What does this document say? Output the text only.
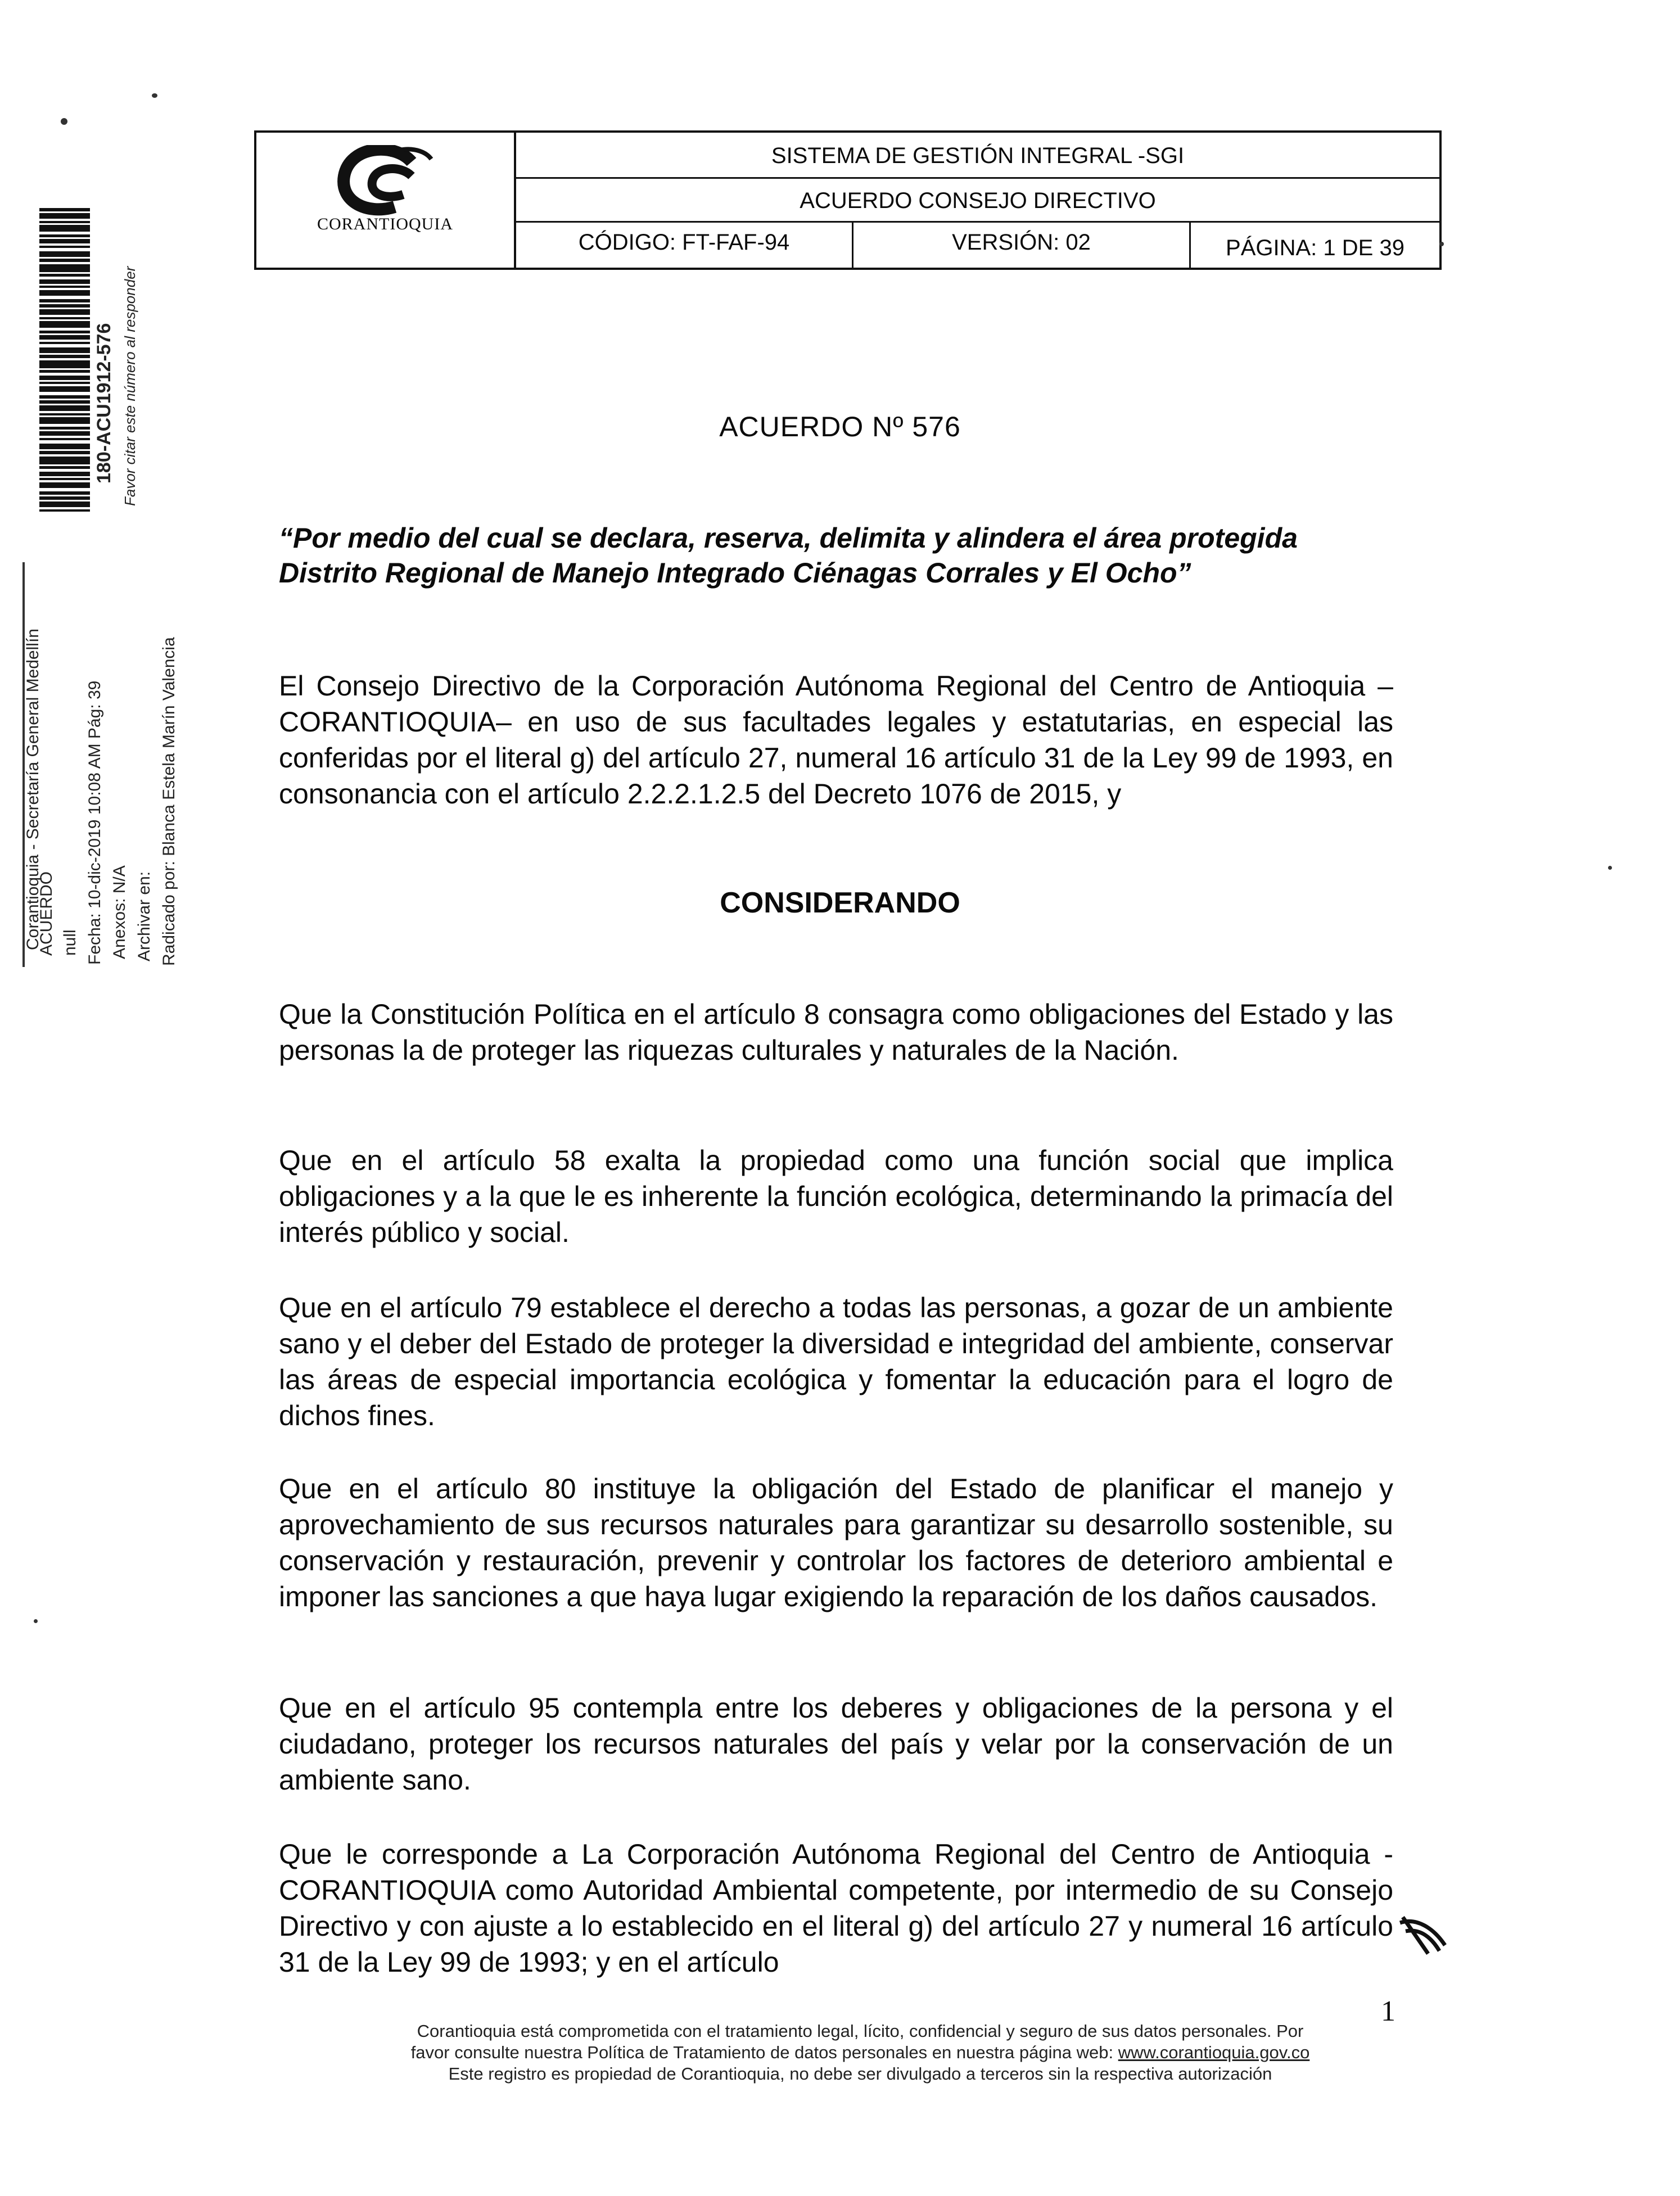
180-ACU1912-576 Favor citar este número al responder
Corantioquia - Secretaría General Medellín
ACUERDO null Fecha: 10-dic-2019 10:08 AM Pág: 39 Anexos: N/A Archivar en: Radicado por: Blanca Estela Marín Valencia
CORANTIOQUIA
SISTEMA DE GESTIÓN INTEGRAL -SGI
ACUERDO CONSEJO DIRECTIVO
CÓDIGO: FT-FAF-94	VERSIÓN: 02	PÁGINA: 1 DE 39
ACUERDO Nº 576
“Por medio del cual se declara, reserva, delimita y alindera el área protegida Distrito Regional de Manejo Integrado Ciénagas Corrales y El Ocho”
El Consejo Directivo de la Corporación Autónoma Regional del Centro de Antioquia –CORANTIOQUIA– en uso de sus facultades legales y estatutarias, en especial las conferidas por el literal g) del artículo 27, numeral 16 artículo 31 de la Ley 99 de 1993, en consonancia con el artículo 2.2.2.1.2.5 del Decreto 1076 de 2015, y
CONSIDERANDO
Que la Constitución Política en el artículo 8 consagra como obligaciones del Estado y las personas la de proteger las riquezas culturales y naturales de la Nación.
Que en el artículo 58 exalta la propiedad como una función social que implica obligaciones y a la que le es inherente la función ecológica, determinando la primacía del interés público y social.
Que en el artículo 79 establece el derecho a todas las personas, a gozar de un ambiente sano y el deber del Estado de proteger la diversidad e integridad del ambiente, conservar las áreas de especial importancia ecológica y fomentar la educación para el logro de dichos fines.
Que en el artículo 80 instituye la obligación del Estado de planificar el manejo y aprovechamiento de sus recursos naturales para garantizar su desarrollo sostenible, su conservación y restauración, prevenir y controlar los factores de deterioro ambiental e imponer las sanciones a que haya lugar exigiendo la reparación de los daños causados.
Que en el artículo 95 contempla entre los deberes y obligaciones de la persona y el ciudadano, proteger los recursos naturales del país y velar por la conservación de un ambiente sano.
Que le corresponde a La Corporación Autónoma Regional del Centro de Antioquia - CORANTIOQUIA como Autoridad Ambiental competente, por intermedio de su Consejo Directivo y con ajuste a lo establecido en el literal g) del artículo 27 y numeral 16 artículo 31 de la Ley 99 de 1993; y en el artículo
1
Corantioquia está comprometida con el tratamiento legal, lícito, confidencial y seguro de sus datos personales. Por
favor consulte nuestra Política de Tratamiento de datos personales en nuestra página web: www.corantioquia.gov.co
Este registro es propiedad de Corantioquia, no debe ser divulgado a terceros sin la respectiva autorización
